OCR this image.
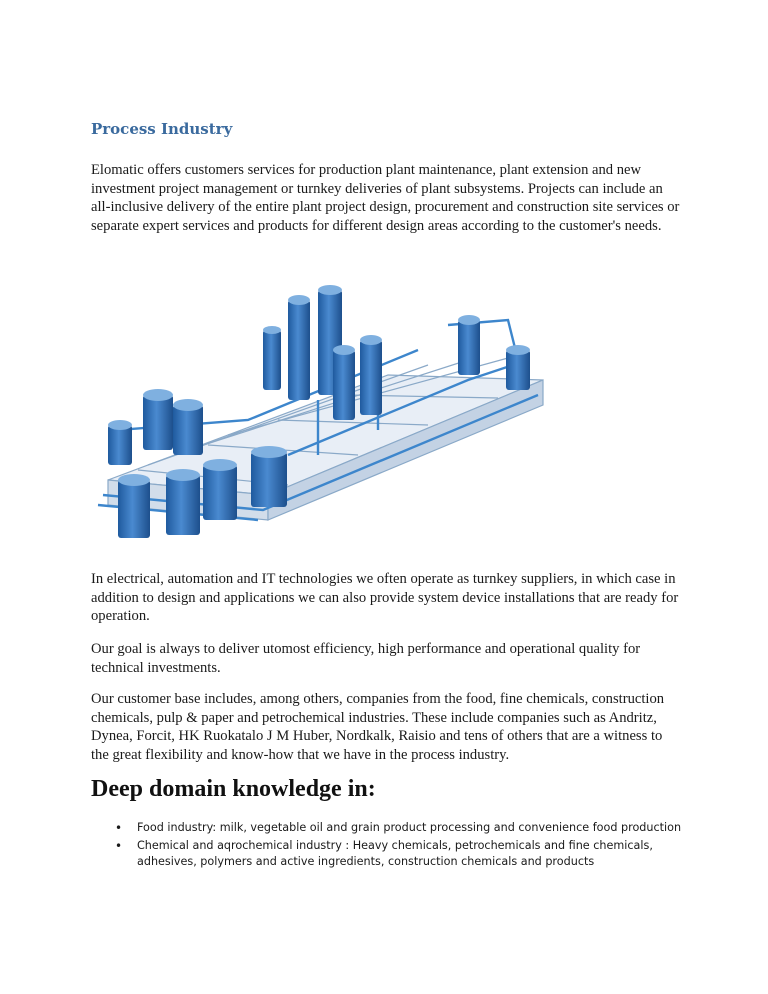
Process Industry

Elomatic offers customers services for production plant maintenance, plant extension and new investment project management or turnkey deliveries of plant subsystems. Projects can include an all-inclusive delivery of the entire plant project design, procurement and construction site services or separate expert services and products for different design areas according to the customer's needs.

In electrical, automation and IT technologies we often operate as turnkey suppliers, in which case in addition to design and applications we can also provide system device installations that are ready for operation.

Our goal is always to deliver utomost efficiency, high performance and operational quality for technical investments.

Our customer base includes, among others, companies from the food, fine chemicals, construction chemicals, pulp & paper and petrochemical industries. These include companies such as Andritz, Dynea, Forcit, HK Ruokatalo J M Huber, Nordkalk, Raisio and tens of others that are a witness to the great flexibility and know-how that we have in the process industry.

Deep domain knowledge in:
• Food industry: milk, vegetable oil and grain product processing and convenience food production
• Chemical and aqrochemical industry : Heavy chemicals, petrochemicals and fine chemicals, adhesives, polymers and active ingredients, construction chemicals and products
